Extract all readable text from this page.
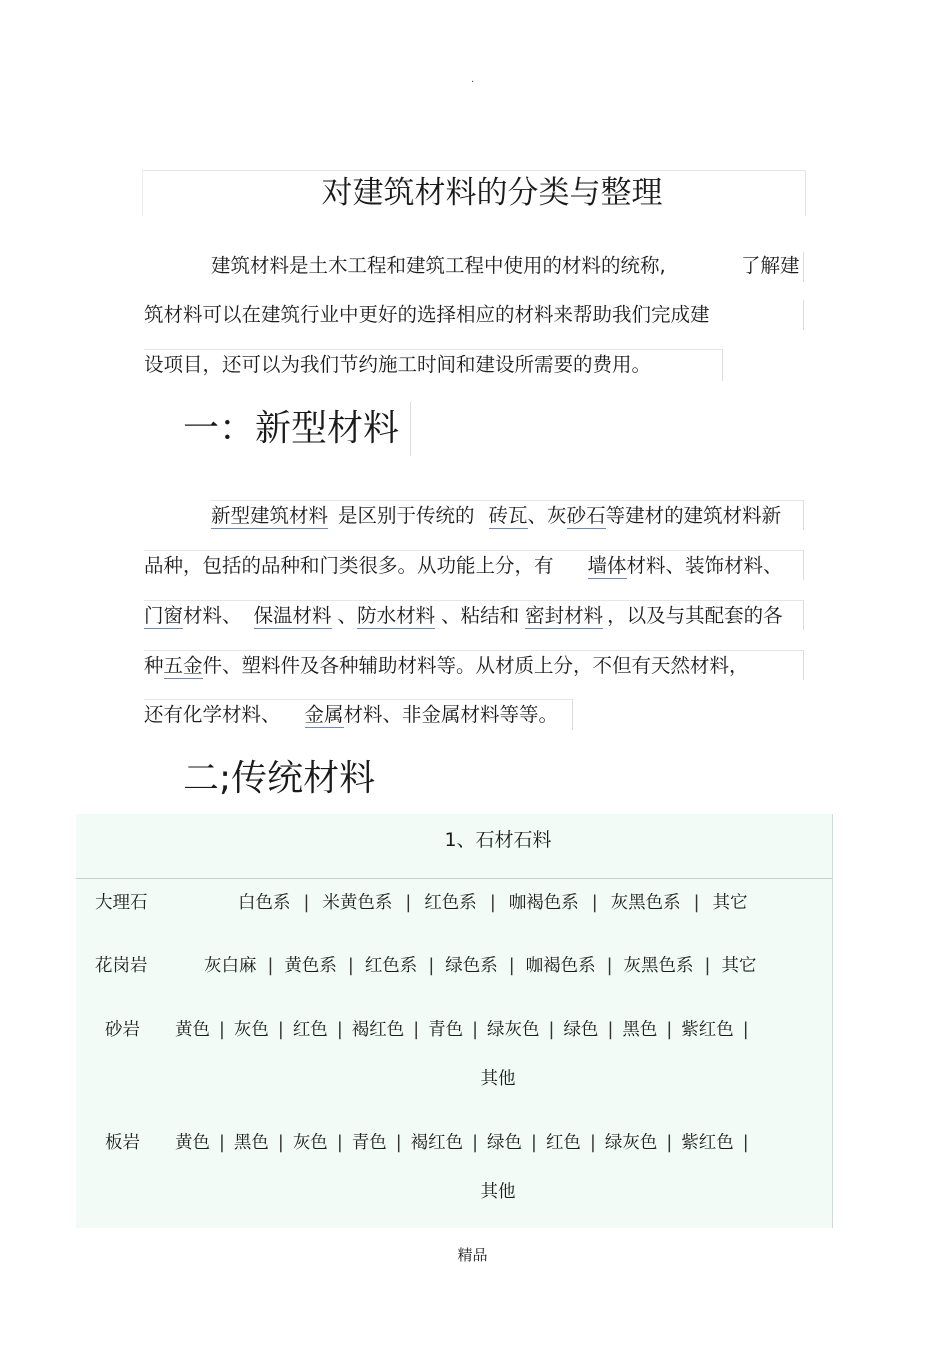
.
对建筑材料的分类与整理
建筑材料是土木工程和建筑工程中使用的材料的统称,	了解建
筑材料可以在建筑行业中更好的选择相应的材料来帮助我们完成建
设项目，还可以为我们节约施工时间和建设所需要的费用。
一：新型材料
新型建筑材料 是区别于传统的 砖瓦、灰砂石等建材的建筑材料新
品种，包括的品种和门类很多。从功能上分，有 墙体材料、装饰材料、
门窗材料、 保温材料 、防水材料 、粘结和 密封材料 ，以及与其配套的各
种五金件、塑料件及各种辅助材料等。从材质上分，不但有天然材料，
还有化学材料、 金属材料、非金属材料等等。
二;传统材料
1、石材石料
大理石	白色系 | 米黄色系 | 红色系 | 咖褐色系 | 灰黑色系 | 其它
花岗岩	灰白麻 | 黄色系 | 红色系 | 绿色系 | 咖褐色系 | 灰黑色系 | 其它
砂岩 黄色 | 灰色 | 红色 | 褐红色 | 青色 | 绿灰色 | 绿色 | 黑色 | 紫红色 |
其他
板岩 黄色 | 黑色 | 灰色 | 青色 | 褐红色 | 绿色 | 红色 | 绿灰色 | 紫红色 |
其他
精品
